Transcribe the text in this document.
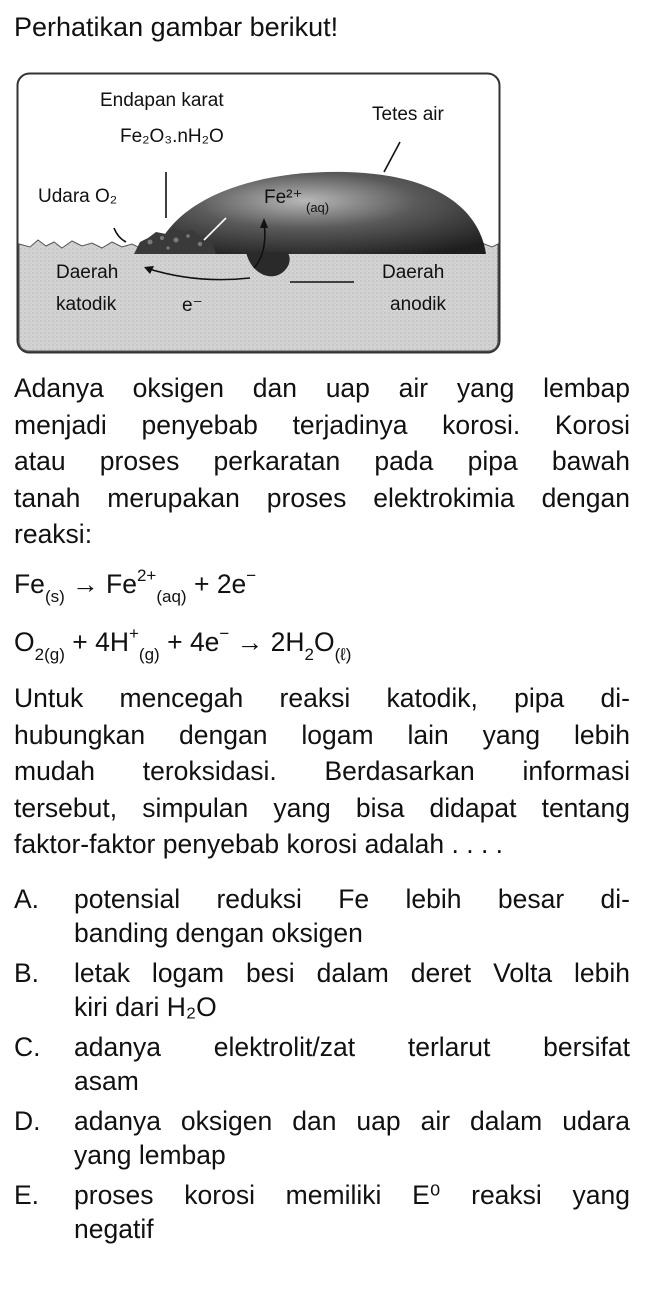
Perhatikan gambar berikut!
Endapan karat
Fe₂O₃.nH₂O
Tetes air
Udara O₂	Fe²⁺ (aq)
Daerah
katodik	e⁻
Daerah
anodik
Adanya oksigen dan uap air yang lembap
menjadi penyebab terjadinya korosi. Korosi
atau proses perkaratan pada pipa bawah
tanah merupakan proses elektrokimia dengan
reaksi:
$Fe_{(s)} \to Fe^{2+}_{(aq)} + 2e^-$
$O_{2(g)} + 4H^+_{(g)} + 4e^- \to 2H_2O_{(\ell)}$
Untuk mencegah reaksi katodik, pipa di-
hubungkan dengan logam lain yang lebih
mudah teroksidasi. Berdasarkan informasi
tersebut, simpulan yang bisa didapat tentang
faktor-faktor penyebab korosi adalah . . . .
A. potensial reduksi Fe lebih besar di-
banding dengan oksigen
B. letak logam besi dalam deret Volta lebih
kiri dari H₂O
C. adanya elektrolit/zat terlarut bersifat
asam
D. adanya oksigen dan uap air dalam udara
yang lembap
E. proses korosi memiliki E⁰ reaksi yang
negatif
